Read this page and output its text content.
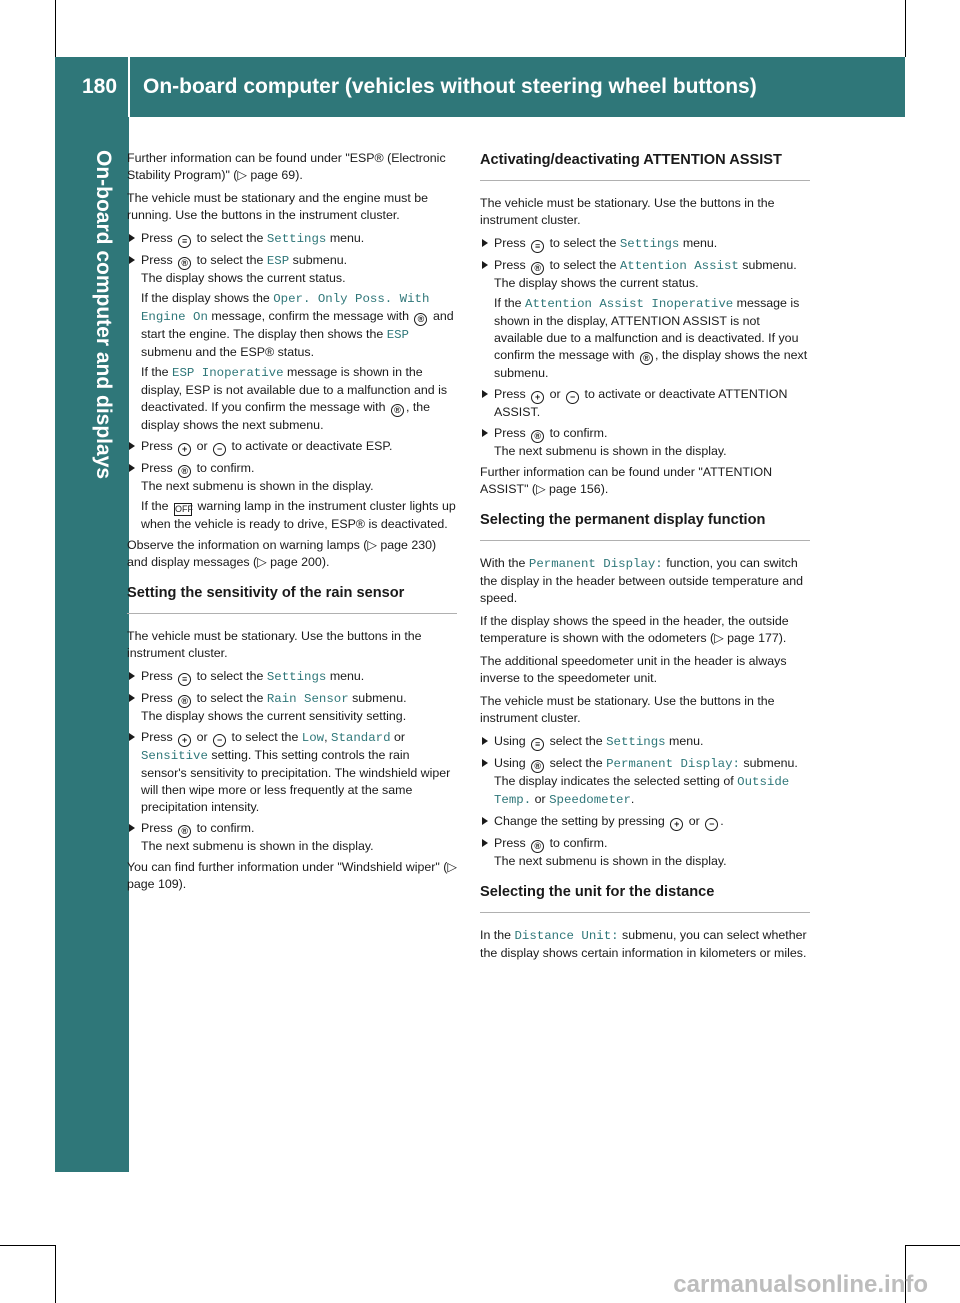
180 On-board computer (vehicles without steering wheel buttons)
On-board computer and displays Further information can be found under "ESP® (Electronic Stability Program)" (▷ page 69).
The vehicle must be stationary and the engine must be running. Use the buttons in the instrument cluster.
Press ≡ to select the Settings menu.
Press ® to select the ESP submenu.
The display shows the current status.
If the display shows the Oper. Only Poss. With Engine On message, confirm the message with ® and start the engine. The display then shows the ESP submenu and the ESP® status.
If the ESP Inoperative message is shown in the display, ESP is not available due to a malfunction and is deactivated. If you confirm the message with ® , the display shows the next submenu.
Press + or − to activate or deactivate ESP.
Press ® to confirm.
The next submenu is shown in the display.
If the OFF warning lamp in the instrument cluster lights up when the vehicle is ready to drive, ESP® is deactivated.
Observe the information on warning lamps (▷ page 230) and display messages (▷ page 200).
Setting the sensitivity of the rain sensor
The vehicle must be stationary. Use the buttons in the instrument cluster.
Press ≡ to select the Settings menu.
Press ® to select the Rain Sensor submenu.
The display shows the current sensitivity setting.
Press + or − to select the Low, Standard or Sensitive setting. This setting controls the rain sensor's sensitivity to precipitation. The windshield wiper will then wipe more or less frequently at the same precipitation intensity.
Press ® to confirm.
The next submenu is shown in the display.
You can find further information under "Windshield wiper" (▷ page 109).
Activating/deactivating ATTENTION ASSIST
The vehicle must be stationary. Use the buttons in the instrument cluster.
Press ≡ to select the Settings menu.
Press ® to select the Attention Assist submenu.
The display shows the current status.
If the Attention Assist Inoperative message is shown in the display, ATTENTION ASSIST is not available due to a malfunction and is deactivated. If you confirm the message with ® , the display shows the next submenu.
Press + or − to activate or deactivate ATTENTION ASSIST.
Press ® to confirm.
The next submenu is shown in the display.
Further information can be found under "ATTENTION ASSIST" (▷ page 156).
Selecting the permanent display function
With the Permanent Display: function, you can switch the display in the header between outside temperature and speed.
If the display shows the speed in the header, the outside temperature is shown with the odometers (▷ page 177).
The additional speedometer unit in the header is always inverse to the speedometer unit.
The vehicle must be stationary. Use the buttons in the instrument cluster.
Using ≡ select the Settings menu.
Using ® select the Permanent Display: submenu.
The display indicates the selected setting of Outside Temp. or Speedometer.
Change the setting by pressing + or − .
Press ® to confirm.
The next submenu is shown in the display.
Selecting the unit for the distance
In the Distance Unit: submenu, you can select whether the display shows certain information in kilometers or miles.
carmanualsonline.info
